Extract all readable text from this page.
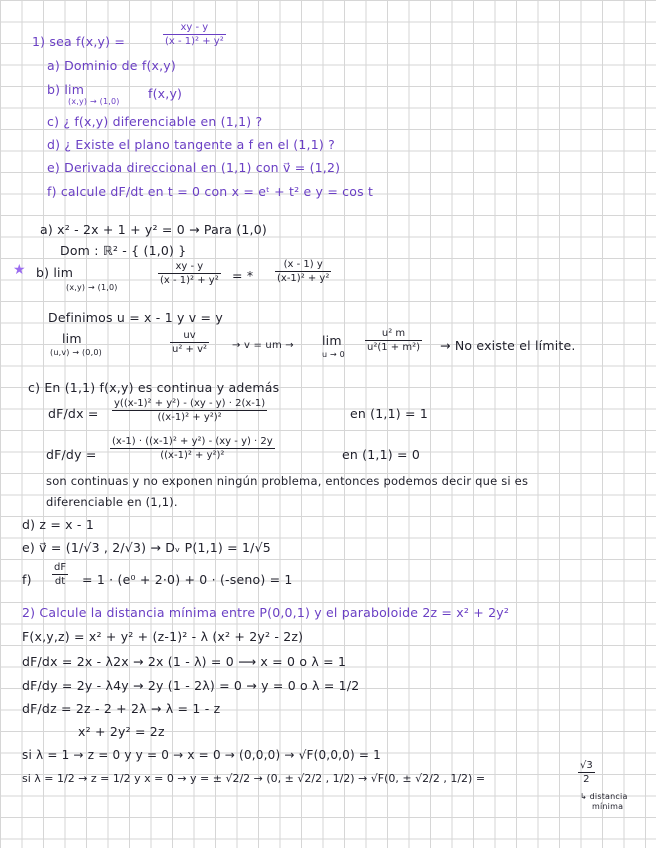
1) sea f(x,y) =	$\frac{xy - y}{\text{(x - 1)² + y²}}$
a) Dominio de f(x,y)
b) lim
(x,y) → (1,0)
f(x,y)
c) ¿ f(x,y) diferenciable en (1,1) ?
d) ¿ Existe el plano tangente a f en el (1,1) ?
e) Derivada direccional en (1,1) con v⃗ = (1,2)
f) calcule dF/dt en t = 0 con x = eᵗ + t² e y = cos t
a) x² - 2x + 1 + y² = 0 → Para (1,0)
Dom : ℝ² - { (1,0) }
★ b) lim
(x,y) → (1,0)
$\frac{xy - y}{\text{(x - 1)² + y²}}$ = * $\frac{(x - 1) y}{\text{(x-1)² + y²}}$
Definimos u = x - 1 y v = y
lim
(u,v) → (0,0)	$\frac{uv}{\text{u² + v²}} \to v$ = um → lim
u → 0
$\frac{\text{u² m}}{\text{u²(1 + m²)}} \to No$ existe el límite.
c) En (1,1) f(x,y) es continua y además
$dF/dx = \frac{\text{y((x-1)² + y²) - (xy - y) · 2(x-1)}}{\text{((x-1)² + y²)²}}$	en (1,1) = 1
$dF/dy = \frac{\text{(x-1) · ((x-1)² + y²) - (xy - y) · 2y}}{\text{((x-1)² + y²)²}}$	en (1,1) = 0
son continuas y no exponen ningún problema, entonces podemos decir que si es
diferenciable en (1,1).
d) z = x - 1
e) v⃗ = (1/√3 , 2/√3) → Dᵥ P(1,1) = 1/√5
$f) \frac{dF}{dt} = 1 \cdot (e^0 + 2\cdot 0) + 0$ · (-seno) = 1
2) Calcule la distancia mínima entre P(0,0,1) y el paraboloide 2z = x² + 2y²
F(x,y,z) = x² + y² + (z-1)² - λ (x² + 2y² - 2z)
dF/dx = 2x - λ2x → 2x (1 - λ) = 0 ⟶ x = 0 o λ = 1
dF/dy = 2y - λ4y → 2y (1 - 2λ) = 0 → y = 0 o λ = 1/2
dF/dz = 2z - 2 + 2λ → λ = 1 - z
x² + 2y² = 2z
si λ = 1 → z = 0 y y = 0 → x = 0 → (0,0,0) → √F(0,0,0) = 1
si λ = 1/2 → z = 1/2 y x = 0 → y = ± √2/2 → (0, ± √2/2 , 1/2) → √F(0, ± √2/2 , 1/2) =	$\frac{√3}{2}$
↳ distancia
mínima
